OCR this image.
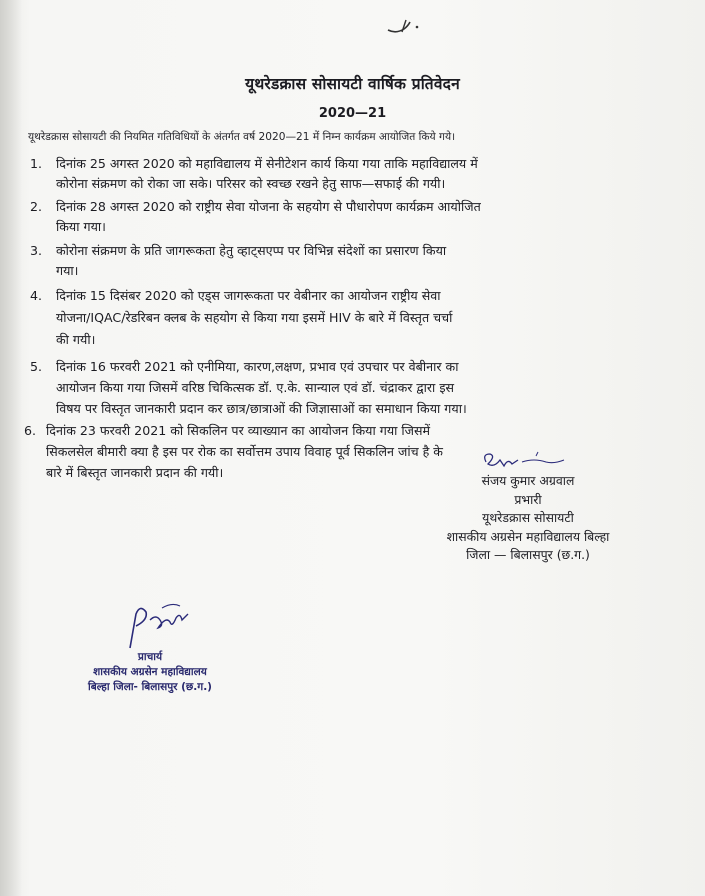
यूथरेडक्रास सोसायटी वार्षिक प्रतिवेदन
2020—21
यूथरेडक्रास सोसायटी की नियमित गतिविधियों के अंतर्गत वर्ष 2020—21 में निम्न कार्यक्रम आयोजित किये गये।
1. दिनांक 25 अगस्त 2020 को महाविद्यालय में सेनीटेशन कार्य किया गया ताकि महाविद्यालय में
कोरोना संक्रमण को रोका जा सके। परिसर को स्वच्छ रखने हेतु साफ—सफाई की गयी।
2. दिनांक 28 अगस्त 2020 को राष्ट्रीय सेवा योजना के सहयोग से पौधारोपण कार्यक्रम आयोजित
किया गया।
3. कोरोना संक्रमण के प्रति जागरूकता हेतु व्हाट्सएप्प पर विभिन्न संदेशों का प्रसारण किया
गया।
4. दिनांक 15 दिसंबर 2020 को एड्स जागरूकता पर वेबीनार का आयोजन राष्ट्रीय सेवा
योजना/IQAC/रेडरिबन क्लब के सहयोग से किया गया इसमें HIV के बारे में विस्तृत चर्चा
की गयी।
5. दिनांक 16 फरवरी 2021 को एनीमिया, कारण,लक्षण, प्रभाव एवं उपचार पर वेबीनार का
आयोजन किया गया जिसमें वरिष्ठ चिकित्सक डॉ. ए.के. सान्याल एवं डॉ. चंद्राकर द्वारा इस
विषय पर विस्तृत जानकारी प्रदान कर छात्र/छात्राओं की जिज्ञासाओं का समाधान किया गया।
6. दिनांक 23 फरवरी 2021 को सिकलिन पर व्याख्यान का आयोजन किया गया जिसमें
सिकलसेल बीमारी क्या है इस पर रोक का सर्वोत्तम उपाय विवाह पूर्व सिकलिन जांच है के
बारे में बिस्तृत जानकारी प्रदान की गयी।
संजय कुमार अग्रवाल
प्रभारी
यूथरेडक्रास सोसायटी
शासकीय अग्रसेन महाविद्यालय बिल्हा
जिला — बिलासपुर (छ.ग.)
प्राचार्य
शासकीय अग्रसेन महाविद्यालय
बिल्हा जिला- बिलासपुर (छ.ग.)
